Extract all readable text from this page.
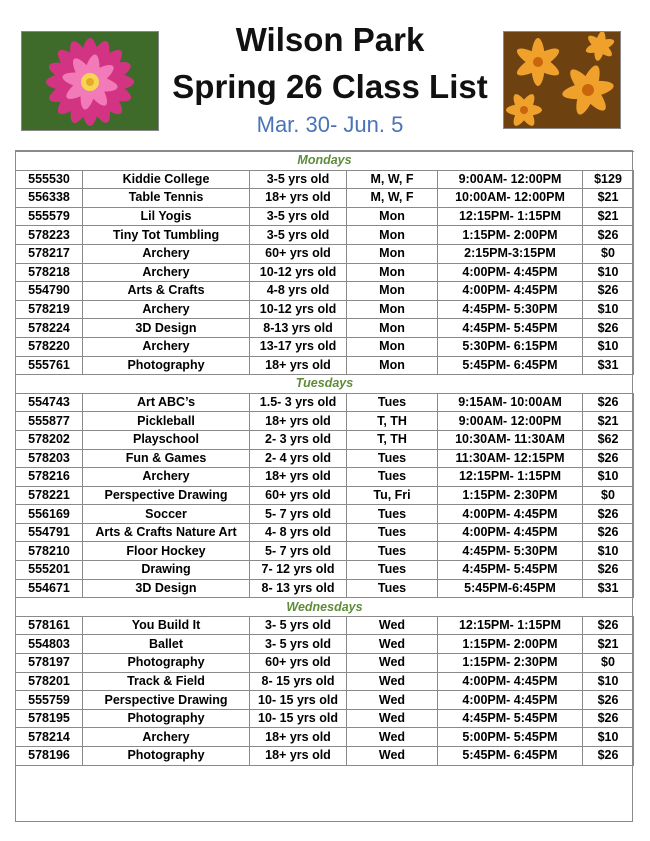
Wilson Park
Spring 26 Class List
Mar. 30- Jun. 5
Mondays					
555530	Kiddie College	3-5 yrs old	M, W, F	9:00AM- 12:00PM	$129
556338	Table Tennis	18+ yrs old	M, W, F	10:00AM- 12:00PM	$21
555579	Lil Yogis	3-5 yrs old	Mon	12:15PM- 1:15PM	$21
578223	Tiny Tot Tumbling	3-5 yrs old	Mon	1:15PM- 2:00PM	$26
578217	Archery	60+ yrs old	Mon	2:15PM-3:15PM	$0
578218	Archery	10-12 yrs old	Mon	4:00PM- 4:45PM	$10
554790	Arts & Crafts	4-8 yrs old	Mon	4:00PM- 4:45PM	$26
578219	Archery	10-12 yrs old	Mon	4:45PM- 5:30PM	$10
578224	3D Design	8-13 yrs old	Mon	4:45PM- 5:45PM	$26
578220	Archery	13-17 yrs old	Mon	5:30PM- 6:15PM	$10
555761	Photography	18+ yrs old	Mon	5:45PM- 6:45PM	$31
Tuesdays					
554743	Art ABC’s	1.5- 3 yrs old	Tues	9:15AM- 10:00AM	$26
555877	Pickleball	18+ yrs old	T, TH	9:00AM- 12:00PM	$21
578202	Playschool	2- 3 yrs old	T, TH	10:30AM- 11:30AM	$62
578203	Fun & Games	2- 4 yrs old	Tues	11:30AM- 12:15PM	$26
578216	Archery	18+ yrs old	Tues	12:15PM- 1:15PM	$10
578221	Perspective Drawing	60+ yrs old	Tu, Fri	1:15PM- 2:30PM	$0
556169	Soccer	5- 7 yrs old	Tues	4:00PM- 4:45PM	$26
554791	Arts & Crafts Nature Art	4- 8 yrs old	Tues	4:00PM- 4:45PM	$26
578210	Floor Hockey	5- 7 yrs old	Tues	4:45PM- 5:30PM	$10
555201	Drawing	7- 12 yrs old	Tues	4:45PM- 5:45PM	$26
554671	3D Design	8- 13 yrs old	Tues	5:45PM-6:45PM	$31
Wednesdays					
578161	You Build It	3- 5 yrs old	Wed	12:15PM- 1:15PM	$26
554803	Ballet	3- 5 yrs old	Wed	1:15PM- 2:00PM	$21
578197	Photography	60+ yrs old	Wed	1:15PM- 2:30PM	$0
578201	Track & Field	8- 15 yrs old	Wed	4:00PM- 4:45PM	$10
555759	Perspective Drawing	10- 15 yrs old	Wed	4:00PM- 4:45PM	$26
578195	Photography	10- 15 yrs old	Wed	4:45PM- 5:45PM	$26
578214	Archery	18+ yrs old	Wed	5:00PM- 5:45PM	$10
578196	Photography	18+ yrs old	Wed	5:45PM- 6:45PM	$26
